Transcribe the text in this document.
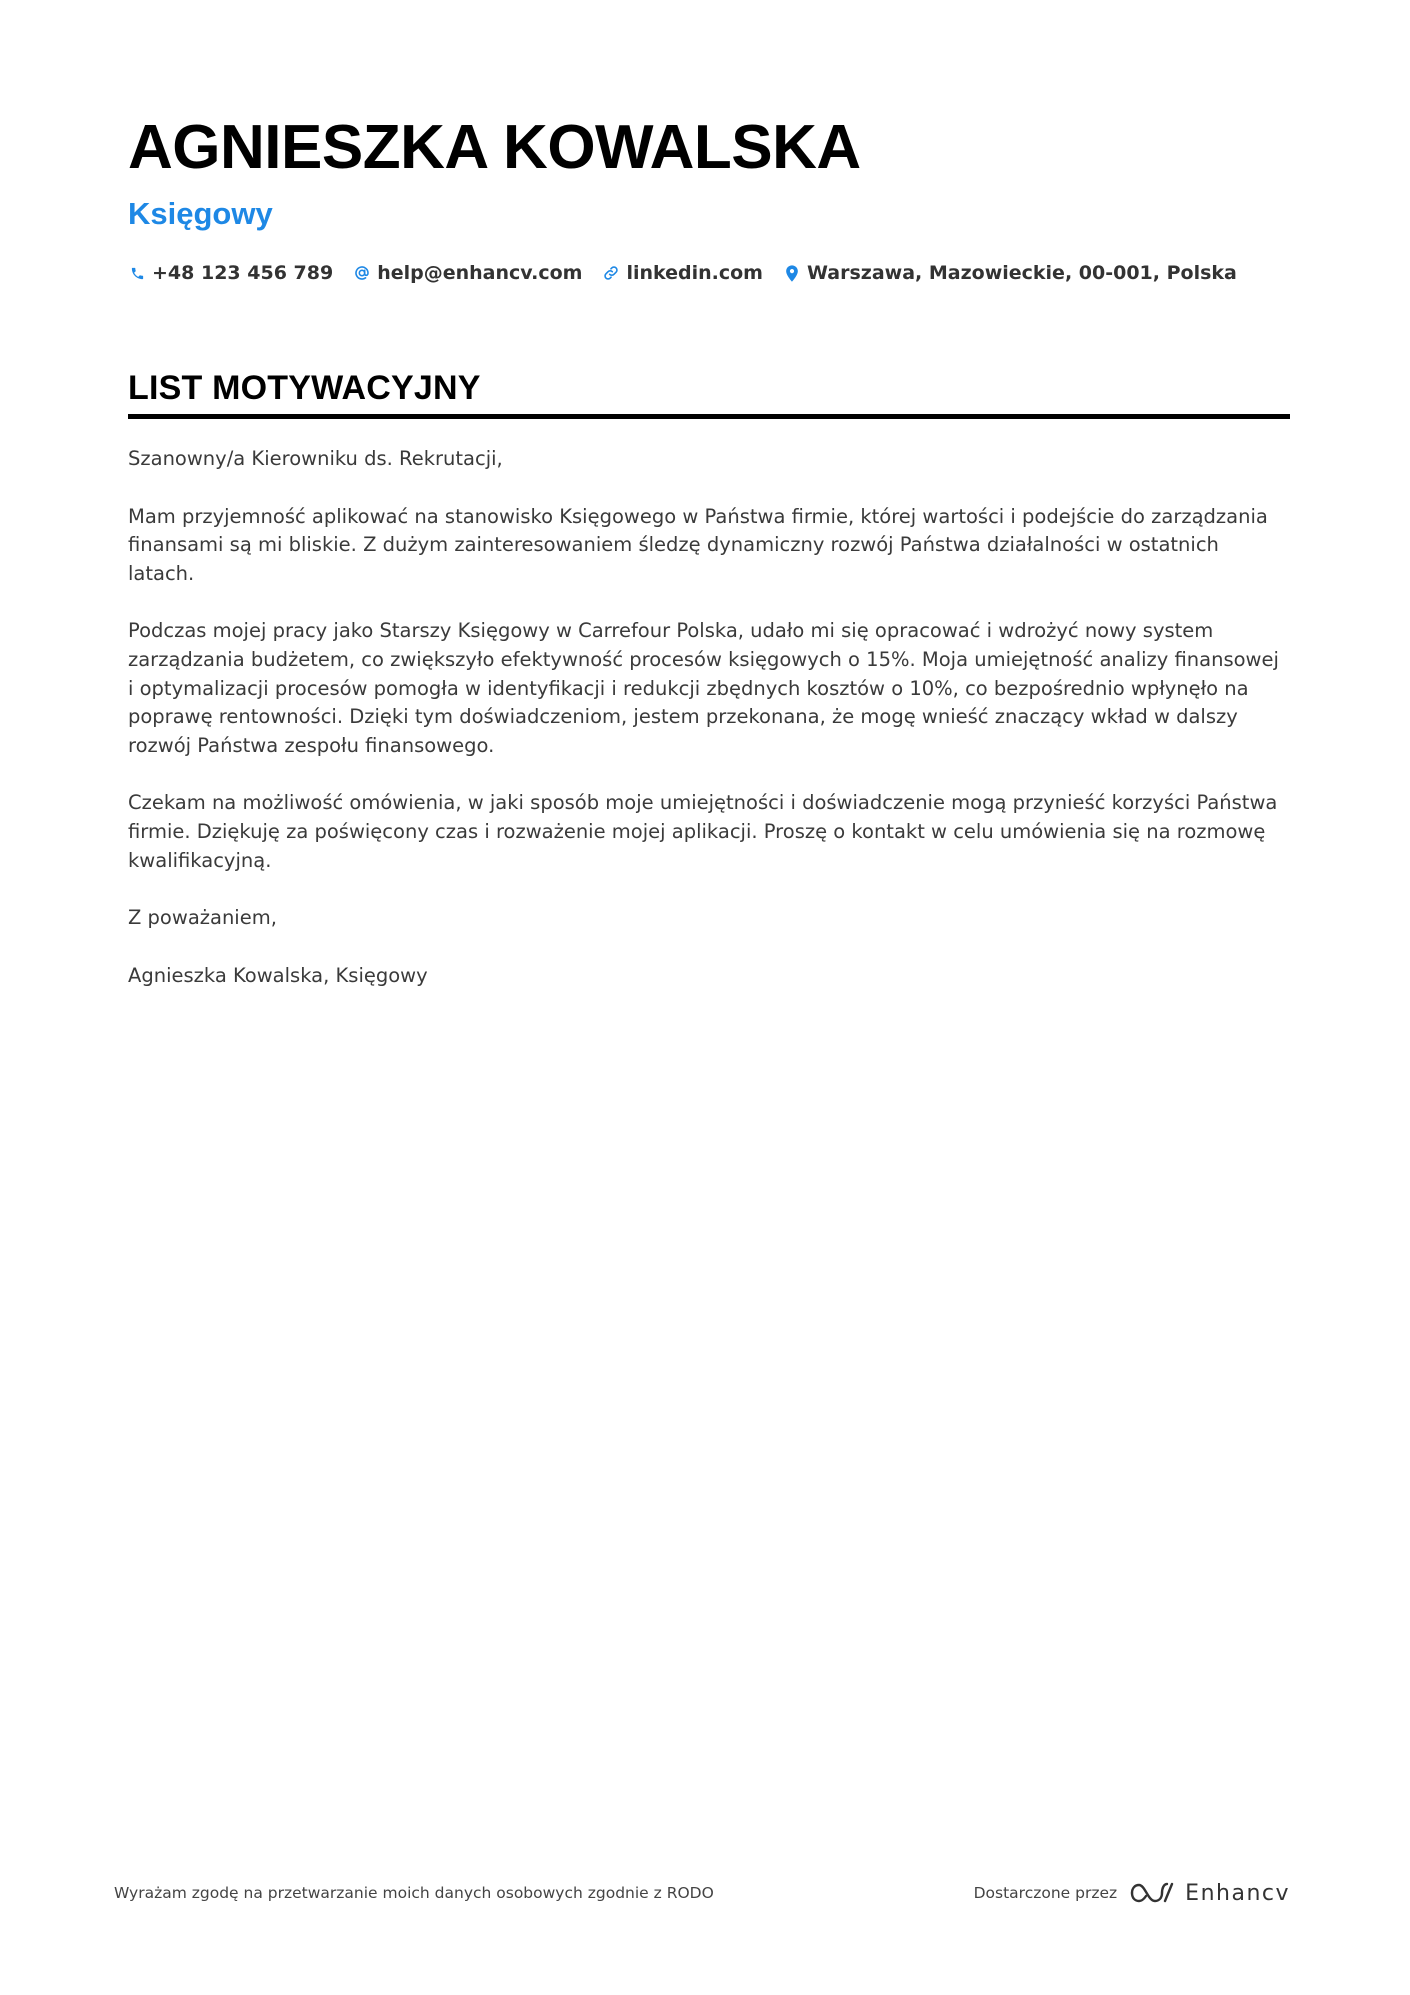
AGNIESZKA KOWALSKA
Księgowy
+48 123 456 789 help@enhancv.com linkedin.com Warszawa, Mazowieckie, 00-001, Polska
LIST MOTYWACYJNY

Szanowny/a Kierowniku ds. Rekrutacji,

Mam przyjemność aplikować na stanowisko Księgowego w Państwa firmie, której wartości i podejście do zarządzania finansami są mi bliskie. Z dużym zainteresowaniem śledzę dynamiczny rozwój Państwa działalności w ostatnich latach.

Podczas mojej pracy jako Starszy Księgowy w Carrefour Polska, udało mi się opracować i wdrożyć nowy system zarządzania budżetem, co zwiększyło efektywność procesów księgowych o 15%. Moja umiejętność analizy finansowej i optymalizacji procesów pomogła w identyfikacji i redukcji zbędnych kosztów o 10%, co bezpośrednio wpłynęło na poprawę rentowności. Dzięki tym doświadczeniom, jestem przekonana, że mogę wnieść znaczący wkład w dalszy rozwój Państwa zespołu finansowego.

Czekam na możliwość omówienia, w jaki sposób moje umiejętności i doświadczenie mogą przynieść korzyści Państwa firmie. Dziękuję za poświęcony czas i rozważenie mojej aplikacji. Proszę o kontakt w celu umówienia się na rozmowę kwalifikacyjną.

Z poważaniem,

Agnieszka Kowalska, Księgowy

Wyrażam zgodę na przetwarzanie moich danych osobowych zgodnie z RODO	Dostarczone przez	Enhancv
